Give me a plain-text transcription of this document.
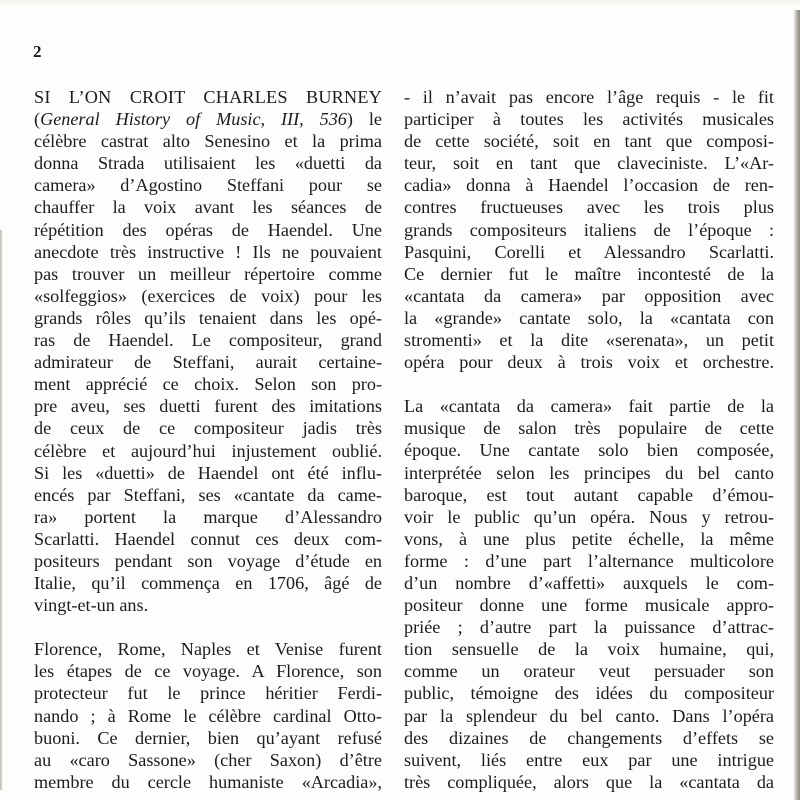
2
SI L’ON CROIT CHARLES BURNEY
(General History of Music, III, 536) le
célèbre castrat alto Senesino et la prima
donna Strada utilisaient les «duetti da
camera» d’Agostino Steffani pour se
chauffer la voix avant les séances de
répétition des opéras de Haendel. Une
anecdote très instructive ! Ils ne pouvaient
pas trouver un meilleur répertoire comme
«solfeggios» (exercices de voix) pour les
grands rôles qu’ils tenaient dans les opé-
ras de Haendel. Le compositeur, grand
admirateur de Steffani, aurait certaine-
ment apprécié ce choix. Selon son pro-
pre aveu, ses duetti furent des imitations
de ceux de ce compositeur jadis très
célèbre et aujourd’hui injustement oublié.
Si les «duetti» de Haendel ont été influ-
encés par Steffani, ses «cantate da came-
ra» portent la marque d’Alessandro
Scarlatti. Haendel connut ces deux com-
positeurs pendant son voyage d’étude en
Italie, qu’il commença en 1706, âgé de
vingt-et-un ans.
Florence, Rome, Naples et Venise furent
les étapes de ce voyage. A Florence, son
protecteur fut le prince héritier Ferdi-
nando ; à Rome le célèbre cardinal Otto-
buoni. Ce dernier, bien qu’ayant refusé
au «caro Sassone» (cher Saxon) d’être
membre du cercle humaniste «Arcadia»,
- il n’avait pas encore l’âge requis - le fit
participer à toutes les activités musicales
de cette société, soit en tant que composi-
teur, soit en tant que claveciniste. L’«Ar-
cadia» donna à Haendel l’occasion de ren-
contres fructueuses avec les trois plus
grands compositeurs italiens de l’époque :
Pasquini, Corelli et Alessandro Scarlatti.
Ce dernier fut le maître incontesté de la
«cantata da camera» par opposition avec
la «grande» cantate solo, la «cantata con
stromenti» et la dite «serenata», un petit
opéra pour deux à trois voix et orchestre.
La «cantata da camera» fait partie de la
musique de salon très populaire de cette
époque. Une cantate solo bien composée,
interprétée selon les principes du bel canto
baroque, est tout autant capable d’émou-
voir le public qu’un opéra. Nous y retrou-
vons, à une plus petite échelle, la même
forme : d’une part l’alternance multicolore
d’un nombre d’«affetti» auxquels le com-
positeur donne une forme musicale appro-
priée ; d’autre part la puissance d’attrac-
tion sensuelle de la voix humaine, qui,
comme un orateur veut persuader son
public, témoigne des idées du compositeur
par la splendeur du bel canto. Dans l’opéra
des dizaines de changements d’effets se
suivent, liés entre eux par une intrigue
très compliquée, alors que la «cantata da
